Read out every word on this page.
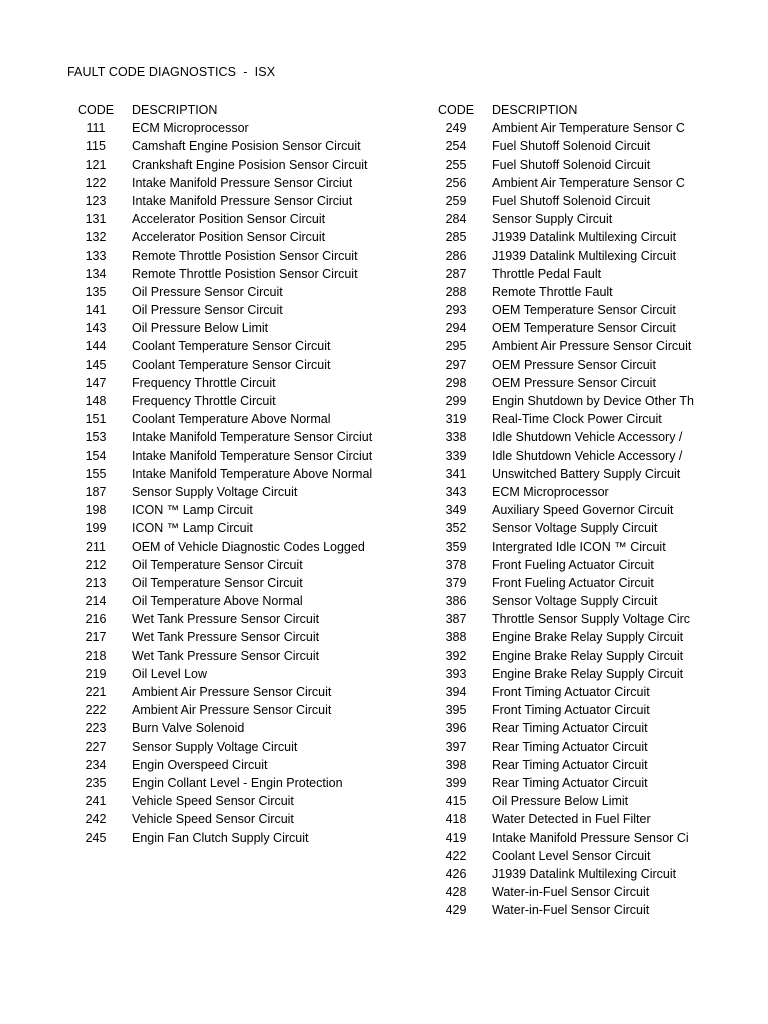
FAULT CODE DIAGNOSTICS  -  ISX
CODE	DESCRIPTION
111	ECM Microprocessor
115	Camshaft Engine Posision Sensor Circuit
121	Crankshaft Engine Posision Sensor Circuit
122	Intake Manifold Pressure Sensor Circiut
123	Intake Manifold Pressure Sensor Circiut
131	Accelerator Position Sensor Circuit
132	Accelerator Position Sensor Circuit
133	Remote Throttle Posistion Sensor Circuit
134	Remote Throttle Posistion Sensor Circuit
135	Oil Pressure Sensor Circuit
141	Oil Pressure Sensor Circuit
143	Oil Pressure Below Limit
144	Coolant Temperature Sensor Circuit
145	Coolant Temperature Sensor Circuit
147	Frequency Throttle Circuit
148	Frequency Throttle Circuit
151	Coolant Temperature Above Normal
153	Intake Manifold Temperature Sensor Circiut
154	Intake Manifold Temperature Sensor Circiut
155	Intake Manifold Temperature Above Normal
187	Sensor Supply Voltage Circuit
198	ICON ™ Lamp Circuit
199	ICON ™ Lamp Circuit
211	OEM of Vehicle Diagnostic Codes Logged
212	Oil Temperature Sensor Circuit
213	Oil Temperature Sensor Circuit
214	Oil Temperature Above Normal
216	Wet Tank Pressure Sensor Circuit
217	Wet Tank Pressure Sensor Circuit
218	Wet Tank Pressure Sensor Circuit
219	Oil Level Low
221	Ambient Air Pressure Sensor Circuit
222	Ambient Air Pressure Sensor Circuit
223	Burn Valve Solenoid
227	Sensor Supply Voltage Circuit
234	Engin Overspeed Circuit
235	Engin Collant Level - Engin Protection
241	Vehicle Speed Sensor Circuit
242	Vehicle Speed Sensor Circuit
245	Engin Fan Clutch Supply Circuit
CODE	DESCRIPTION
249	Ambient Air Temperature Sensor C
254	Fuel Shutoff Solenoid Circuit
255	Fuel Shutoff Solenoid Circuit
256	Ambient Air Temperature Sensor C
259	Fuel Shutoff Solenoid Circuit
284	Sensor Supply Circuit
285	J1939 Datalink Multilexing Circuit
286	J1939 Datalink Multilexing Circuit
287	Throttle Pedal Fault
288	Remote Throttle Fault
293	OEM Temperature Sensor Circuit
294	OEM Temperature Sensor Circuit
295	Ambient Air Pressure Sensor Circuit
297	OEM Pressure Sensor Circuit
298	OEM Pressure Sensor Circuit
299	Engin Shutdown by Device Other Th
319	Real-Time Clock Power Circuit
338	Idle Shutdown Vehicle Accessory /
339	Idle Shutdown Vehicle Accessory /
341	Unswitched Battery Supply Circuit
343	ECM Microprocessor
349	Auxiliary Speed Governor Circuit
352	Sensor Voltage Supply Circuit
359	Intergrated Idle ICON ™ Circuit
378	Front Fueling Actuator Circuit
379	Front Fueling Actuator Circuit
386	Sensor Voltage Supply Circuit
387	Throttle Sensor Supply Voltage Circ
388	Engine Brake Relay Supply Circuit
392	Engine Brake Relay Supply Circuit
393	Engine Brake Relay Supply Circuit
394	Front Timing Actuator Circuit
395	Front Timing Actuator Circuit
396	Rear Timing Actuator Circuit
397	Rear Timing Actuator Circuit
398	Rear Timing Actuator Circuit
399	Rear Timing Actuator Circuit
415	Oil Pressure Below Limit
418	Water Detected in Fuel Filter
419	Intake Manifold Pressure Sensor Ci
422	Coolant Level Sensor Circuit
426	J1939 Datalink Multilexing Circuit
428	Water-in-Fuel Sensor Circuit
429	Water-in-Fuel Sensor Circuit
